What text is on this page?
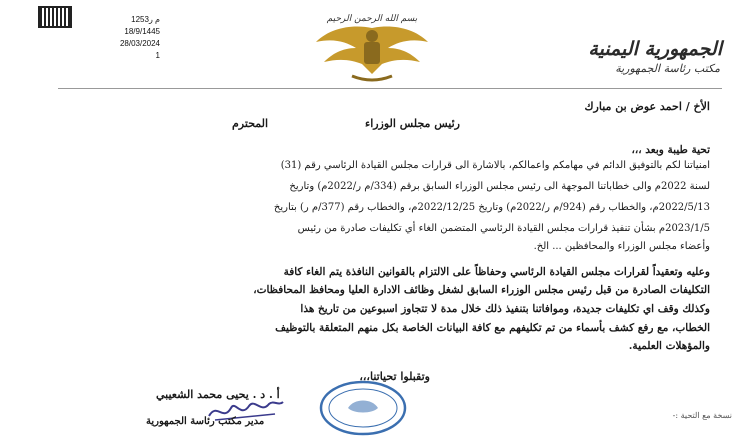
1253م ر
18/9/1445
28/03/2024
1
بسم الله الرحمن الرحيم
الجمهورية اليمنية
مكتب رئاسة الجمهورية
الأخ / احمد عوض بن مبارك
رئيس مجلس الوزراء
المحترم
تحية طيبة وبعد ،،،
امنياتنا لكم بالتوفيق الدائم في مهامكم واعمالكم، بالاشارة الى قرارات مجلس القيادة الرئاسي رقم (31)
لسنة 2022م والى خطاباتنا الموجهة الى رئيس مجلس الوزراء السابق برقم (334/م ر/2022م) وتاريخ
2022/5/13م، والخطاب رقم (924/م ر/2022م) وتاريخ 2022/12/25م، والخطاب رقم (377/م ر) بتاريخ
2023/1/5م بشأن تنفيذ قرارات مجلس القيادة الرئاسي المتضمن الغاء أي تكليفات صادرة من رئيس
وأعضاء مجلس الوزراء والمحافظين ... الخ.
وعليه وتعقيداً لقرارات مجلس القيادة الرئاسي وحفاظاً على الالتزام بالقوانين النافذة يتم الغاء كافة
التكليفات الصادرة من قبل رئيس مجلس الوزراء السابق لشغل وظائف الادارة العليا ومحافظ المحافظات،
وكذلك وقف اي تكليفات جديدة، وموافاتنا بتنفيذ ذلك خلال مدة لا تتجاوز اسبوعين من تاريخ هذا
الخطاب، مع رفع كشف بأسماء من تم تكليفهم مع كافة البيانات الخاصة بكل منهم المتعلقة بالتوظيف
والمؤهلات العلمية.
وتقبلوا تحياتنا،،،
أ . د . يحيى محمد الشعيبي
مدير مكتب رئاسة الجمهورية
نسخة مع التحية :-
